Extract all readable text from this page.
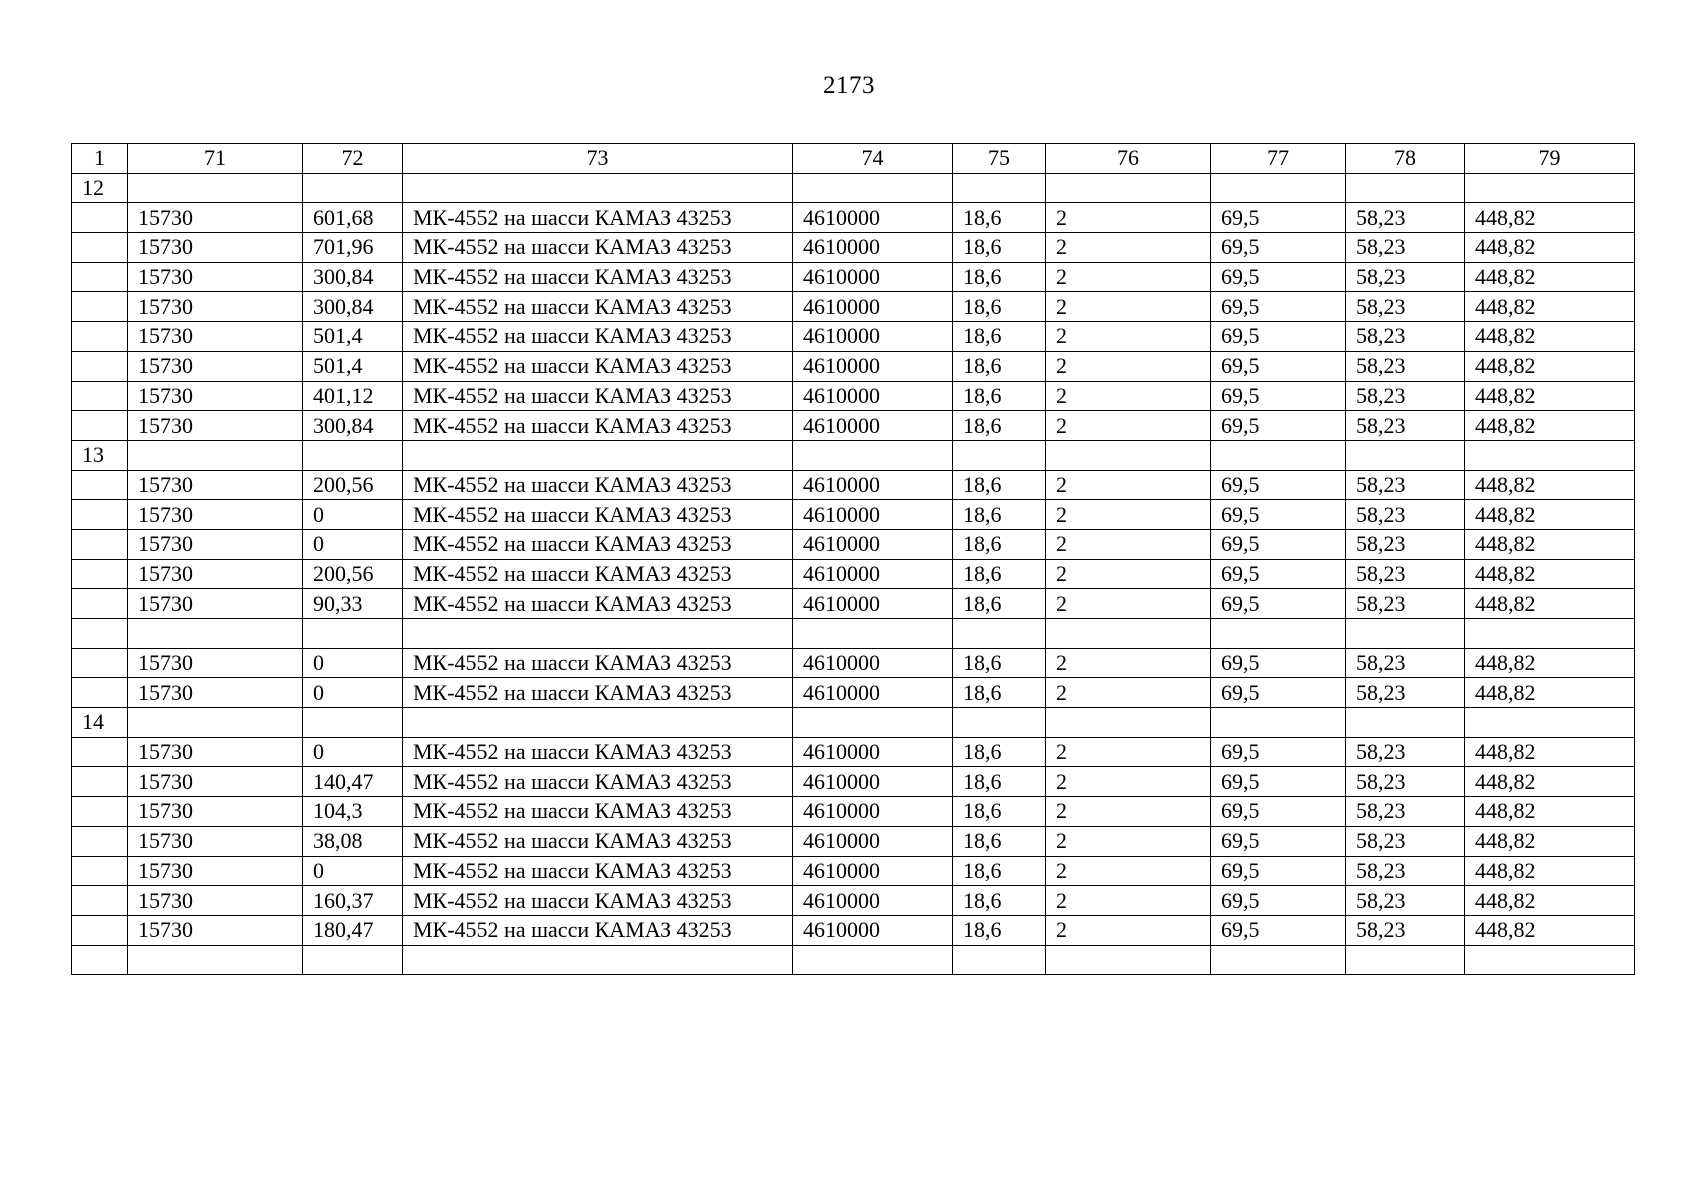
2173
1	71	72	73	74	75	76	77	78	79
12									
	15730	601,68	МК-4552 на шасси КАМАЗ 43253	4610000	18,6	2	69,5	58,23	448,82
	15730	701,96	МК-4552 на шасси КАМАЗ 43253	4610000	18,6	2	69,5	58,23	448,82
	15730	300,84	МК-4552 на шасси КАМАЗ 43253	4610000	18,6	2	69,5	58,23	448,82
	15730	300,84	МК-4552 на шасси КАМАЗ 43253	4610000	18,6	2	69,5	58,23	448,82
	15730	501,4	МК-4552 на шасси КАМАЗ 43253	4610000	18,6	2	69,5	58,23	448,82
	15730	501,4	МК-4552 на шасси КАМАЗ 43253	4610000	18,6	2	69,5	58,23	448,82
	15730	401,12	МК-4552 на шасси КАМАЗ 43253	4610000	18,6	2	69,5	58,23	448,82
	15730	300,84	МК-4552 на шасси КАМАЗ 43253	4610000	18,6	2	69,5	58,23	448,82
13									
	15730	200,56	МК-4552 на шасси КАМАЗ 43253	4610000	18,6	2	69,5	58,23	448,82
	15730	0	МК-4552 на шасси КАМАЗ 43253	4610000	18,6	2	69,5	58,23	448,82
	15730	0	МК-4552 на шасси КАМАЗ 43253	4610000	18,6	2	69,5	58,23	448,82
	15730	200,56	МК-4552 на шасси КАМАЗ 43253	4610000	18,6	2	69,5	58,23	448,82
	15730	90,33	МК-4552 на шасси КАМАЗ 43253	4610000	18,6	2	69,5	58,23	448,82

	15730	0	МК-4552 на шасси КАМАЗ 43253	4610000	18,6	2	69,5	58,23	448,82
	15730	0	МК-4552 на шасси КАМАЗ 43253	4610000	18,6	2	69,5	58,23	448,82
14									
	15730	0	МК-4552 на шасси КАМАЗ 43253	4610000	18,6	2	69,5	58,23	448,82
	15730	140,47	МК-4552 на шасси КАМАЗ 43253	4610000	18,6	2	69,5	58,23	448,82
	15730	104,3	МК-4552 на шасси КАМАЗ 43253	4610000	18,6	2	69,5	58,23	448,82
	15730	38,08	МК-4552 на шасси КАМАЗ 43253	4610000	18,6	2	69,5	58,23	448,82
	15730	0	МК-4552 на шасси КАМАЗ 43253	4610000	18,6	2	69,5	58,23	448,82
	15730	160,37	МК-4552 на шасси КАМАЗ 43253	4610000	18,6	2	69,5	58,23	448,82
	15730	180,47	МК-4552 на шасси КАМАЗ 43253	4610000	18,6	2	69,5	58,23	448,82
